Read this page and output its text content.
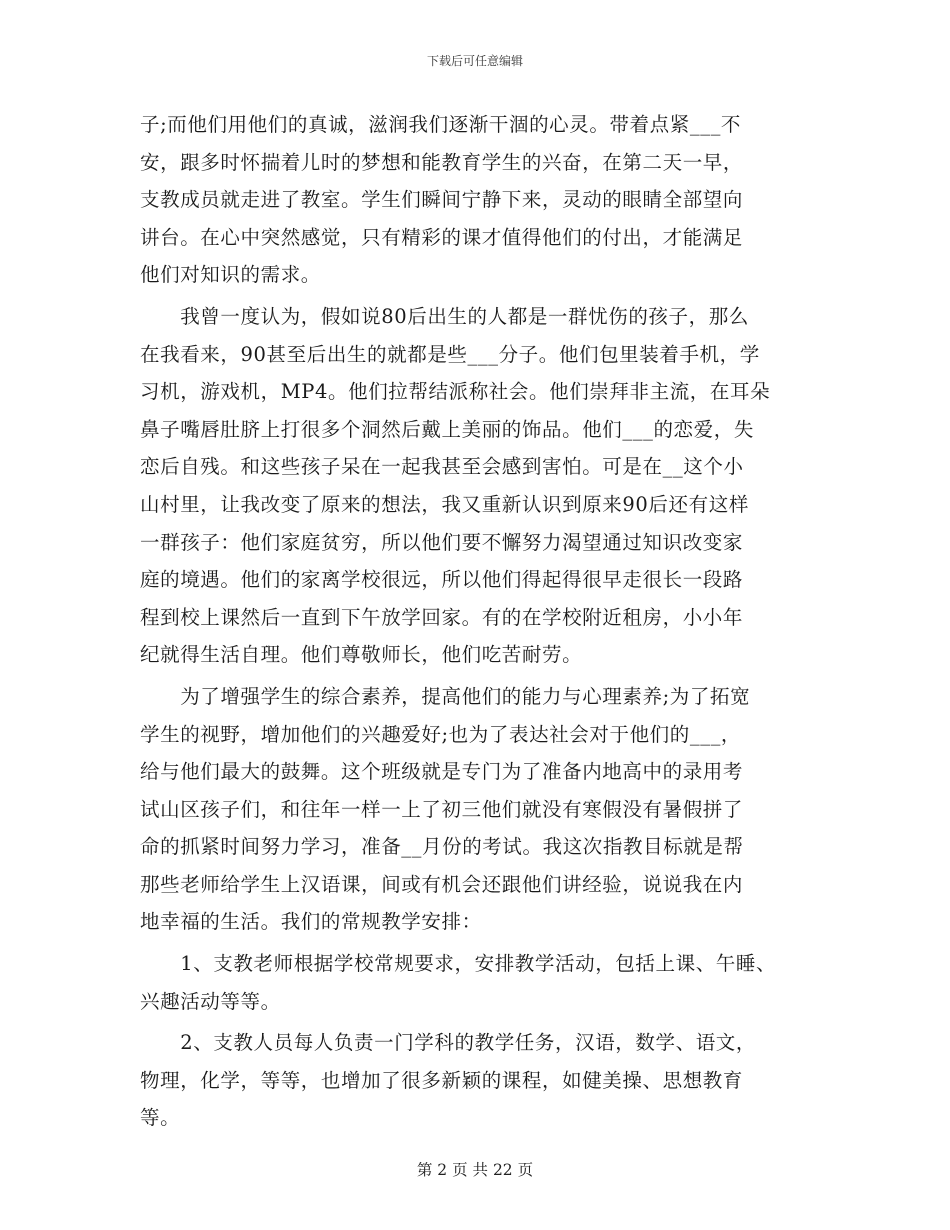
下载后可任意编辑
子;而他们用他们的真诚，滋润我们逐渐干涸的心灵。带着点紧___不
安，跟多时怀揣着儿时的梦想和能教育学生的兴奋，在第二天一早，
支教成员就走进了教室。学生们瞬间宁静下来，灵动的眼睛全部望向
讲台。在心中突然感觉，只有精彩的课才值得他们的付出，才能满足
他们对知识的需求。
　　我曾一度认为，假如说80后出生的人都是一群忧伤的孩子，那么
在我看来，90甚至后出生的就都是些___分子。他们包里装着手机，学
习机，游戏机，MP4。他们拉帮结派称社会。他们崇拜非主流，在耳朵
鼻子嘴唇肚脐上打很多个洞然后戴上美丽的饰品。他们___的恋爱，失
恋后自残。和这些孩子呆在一起我甚至会感到害怕。可是在__这个小
山村里，让我改变了原来的想法，我又重新认识到原来90后还有这样
一群孩子：他们家庭贫穷，所以他们要不懈努力渴望通过知识改变家
庭的境遇。他们的家离学校很远，所以他们得起得很早走很长一段路
程到校上课然后一直到下午放学回家。有的在学校附近租房，小小年
纪就得生活自理。他们尊敬师长，他们吃苦耐劳。
　　为了增强学生的综合素养，提高他们的能力与心理素养;为了拓宽
学生的视野，增加他们的兴趣爱好;也为了表达社会对于他们的___，
给与他们最大的鼓舞。这个班级就是专门为了准备内地高中的录用考
试山区孩子们，和往年一样一上了初三他们就没有寒假没有暑假拼了
命的抓紧时间努力学习，准备__月份的考试。我这次指教目标就是帮
那些老师给学生上汉语课，间或有机会还跟他们讲经验，说说我在内
地幸福的生活。我们的常规教学安排：
　　1、支教老师根据学校常规要求，安排教学活动，包括上课、午睡、
兴趣活动等等。
　　2、支教人员每人负责一门学科的教学任务，汉语，数学、语文，
物理，化学，等等，也增加了很多新颖的课程，如健美操、思想教育
等。
第 2 页 共 22 页
